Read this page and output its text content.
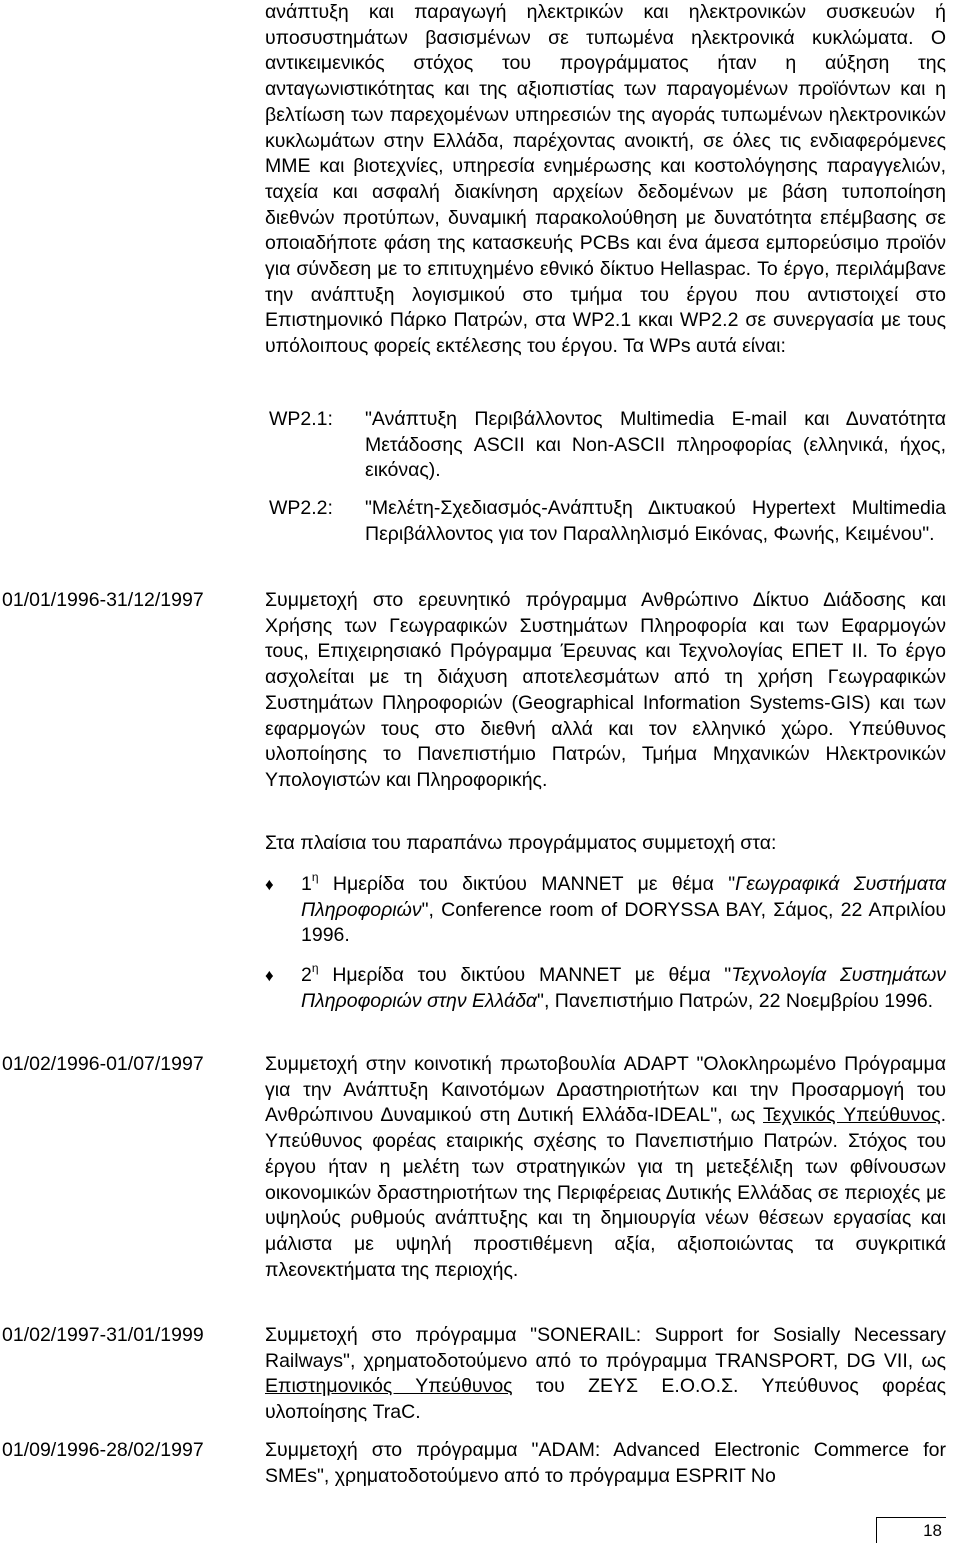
ανάπτυξη και παραγωγή ηλεκτρικών και ηλεκτρονικών συσκευών ή υποσυστημάτων βασισμένων σε τυπωμένα ηλεκτρονικά κυκλώματα. Ο αντικειμενικός στόχος του προγράμματος ήταν η αύξηση της ανταγωνιστικότητας και της αξιοπιστίας των παραγομένων προϊόντων και η βελτίωση των παρεχομένων υπηρεσιών της αγοράς τυπωμένων ηλεκτρονικών κυκλωμάτων στην Ελλάδα, παρέχοντας ανοικτή, σε όλες τις ενδιαφερόμενες ΜΜΕ και βιοτεχνίες, υπηρεσία ενημέρωσης και κοστολόγησης παραγγελιών, ταχεία και ασφαλή διακίνηση αρχείων δεδομένων με βάση τυποποίηση διεθνών προτύπων, δυναμική παρακολούθηση με δυνατότητα επέμβασης σε οποιαδήποτε φάση της κατασκευής PCBs και ένα άμεσα εμπορεύσιμο προϊόν για σύνδεση με το επιτυχημένο εθνικό δίκτυο Hellaspac. Το έργο, περιλάμβανε την ανάπτυξη λογισμικού στο τμήμα του έργου που αντιστοιχεί στο Επιστημονικό Πάρκο Πατρών, στα WP2.1 κκαι WP2.2 σε συνεργασία με τους υπόλοιπους φορείς εκτέλεσης του έργου. Τα WPs αυτά είναι:

WP2.1: "Ανάπτυξη Περιβάλλοντος Multimedia E-mail και Δυνατότητα Μετάδοσης ASCII και Non-ASCII πληροφορίας (ελληνικά, ήχος, εικόνας).

WP2.2: "Μελέτη-Σχεδιασμός-Ανάπτυξη Δικτυακού Hypertext Multimedia Περιβάλλοντος για τον Παραλληλισμό Εικόνας, Φωνής, Κειμένου".

01/01/1996-31/12/1997	Συμμετοχή στο ερευνητικό πρόγραμμα Ανθρώπινο Δίκτυο Διάδοσης και Χρήσης των Γεωγραφικών Συστημάτων Πληροφορία και των Εφαρμογών τους, Επιχειρησιακό Πρόγραμμα Έρευνας και Τεχνολογίας ΕΠΕΤ ΙΙ. Το έργο ασχολείται με τη διάχυση αποτελεσμάτων από τη χρήση Γεωγραφικών Συστημάτων Πληροφοριών (Geographical Information Systems-GIS) και των εφαρμογών τους στο διεθνή αλλά και τον ελληνικό χώρο. Υπεύθυνος υλοποίησης το Πανεπιστήμιο Πατρών, Τμήμα Μηχανικών Ηλεκτρονικών Υπολογιστών και Πληροφορικής.

Στα πλαίσια του παραπάνω προγράμματος συμμετοχή στα:

♦ $1^\eta$ Ημερίδα του δικτύου MANNET με θέμα "Γεωγραφικά Συστήματα Πληροφοριών", Conference room of DORYSSA BAY, Σάμος, 22 Απριλίου 1996.

♦ $2^\eta$ Ημερίδα του δικτύου MANNET με θέμα "Τεχνολογία Συστημάτων Πληροφοριών στην Ελλάδα", Πανεπιστήμιο Πατρών, 22 Νοεμβρίου 1996.

01/02/1996-01/07/1997	Συμμετοχή στην κοινοτική πρωτοβουλία ADAPT "Ολοκληρωμένο Πρόγραμμα για την Ανάπτυξη Καινοτόμων Δραστηριοτήτων και την Προσαρμογή του Ανθρώπινου Δυναμικού στη Δυτική Ελλάδα-IDEAL", ως Τεχνικός Υπεύθυνος. Υπεύθυνος φορέας εταιρικής σχέσης το Πανεπιστήμιο Πατρών. Στόχος του έργου ήταν η μελέτη των στρατηγικών για τη μετεξέλιξη των φθίνουσων οικονομικών δραστηριοτήτων της Περιφέρειας Δυτικής Ελλάδας σε περιοχές με υψηλούς ρυθμούς ανάπτυξης και τη δημιουργία νέων θέσεων εργασίας και μάλιστα με υψηλή προστιθέμενη αξία, αξιοποιώντας τα συγκριτικά πλεονεκτήματα της περιοχής.

01/02/1997-31/01/1999	Συμμετοχή στο πρόγραμμα "SONERAIL: Support for Sosially Necessary Railways", χρηματοδοτούμενο από το πρόγραμμα TRANSPORT, DG VII, ως Επιστημονικός Υπεύθυνος του ΖΕΥΣ Ε.Ο.Ο.Σ. Υπεύθυνος φορέας υλοποίησης TraC.

01/09/1996-28/02/1997	Συμμετοχή στο πρόγραμμα "ADAM: Advanced Electronic Commerce for SMEs", χρηματοδοτούμενο από το πρόγραμμα ESPRIT No

18
